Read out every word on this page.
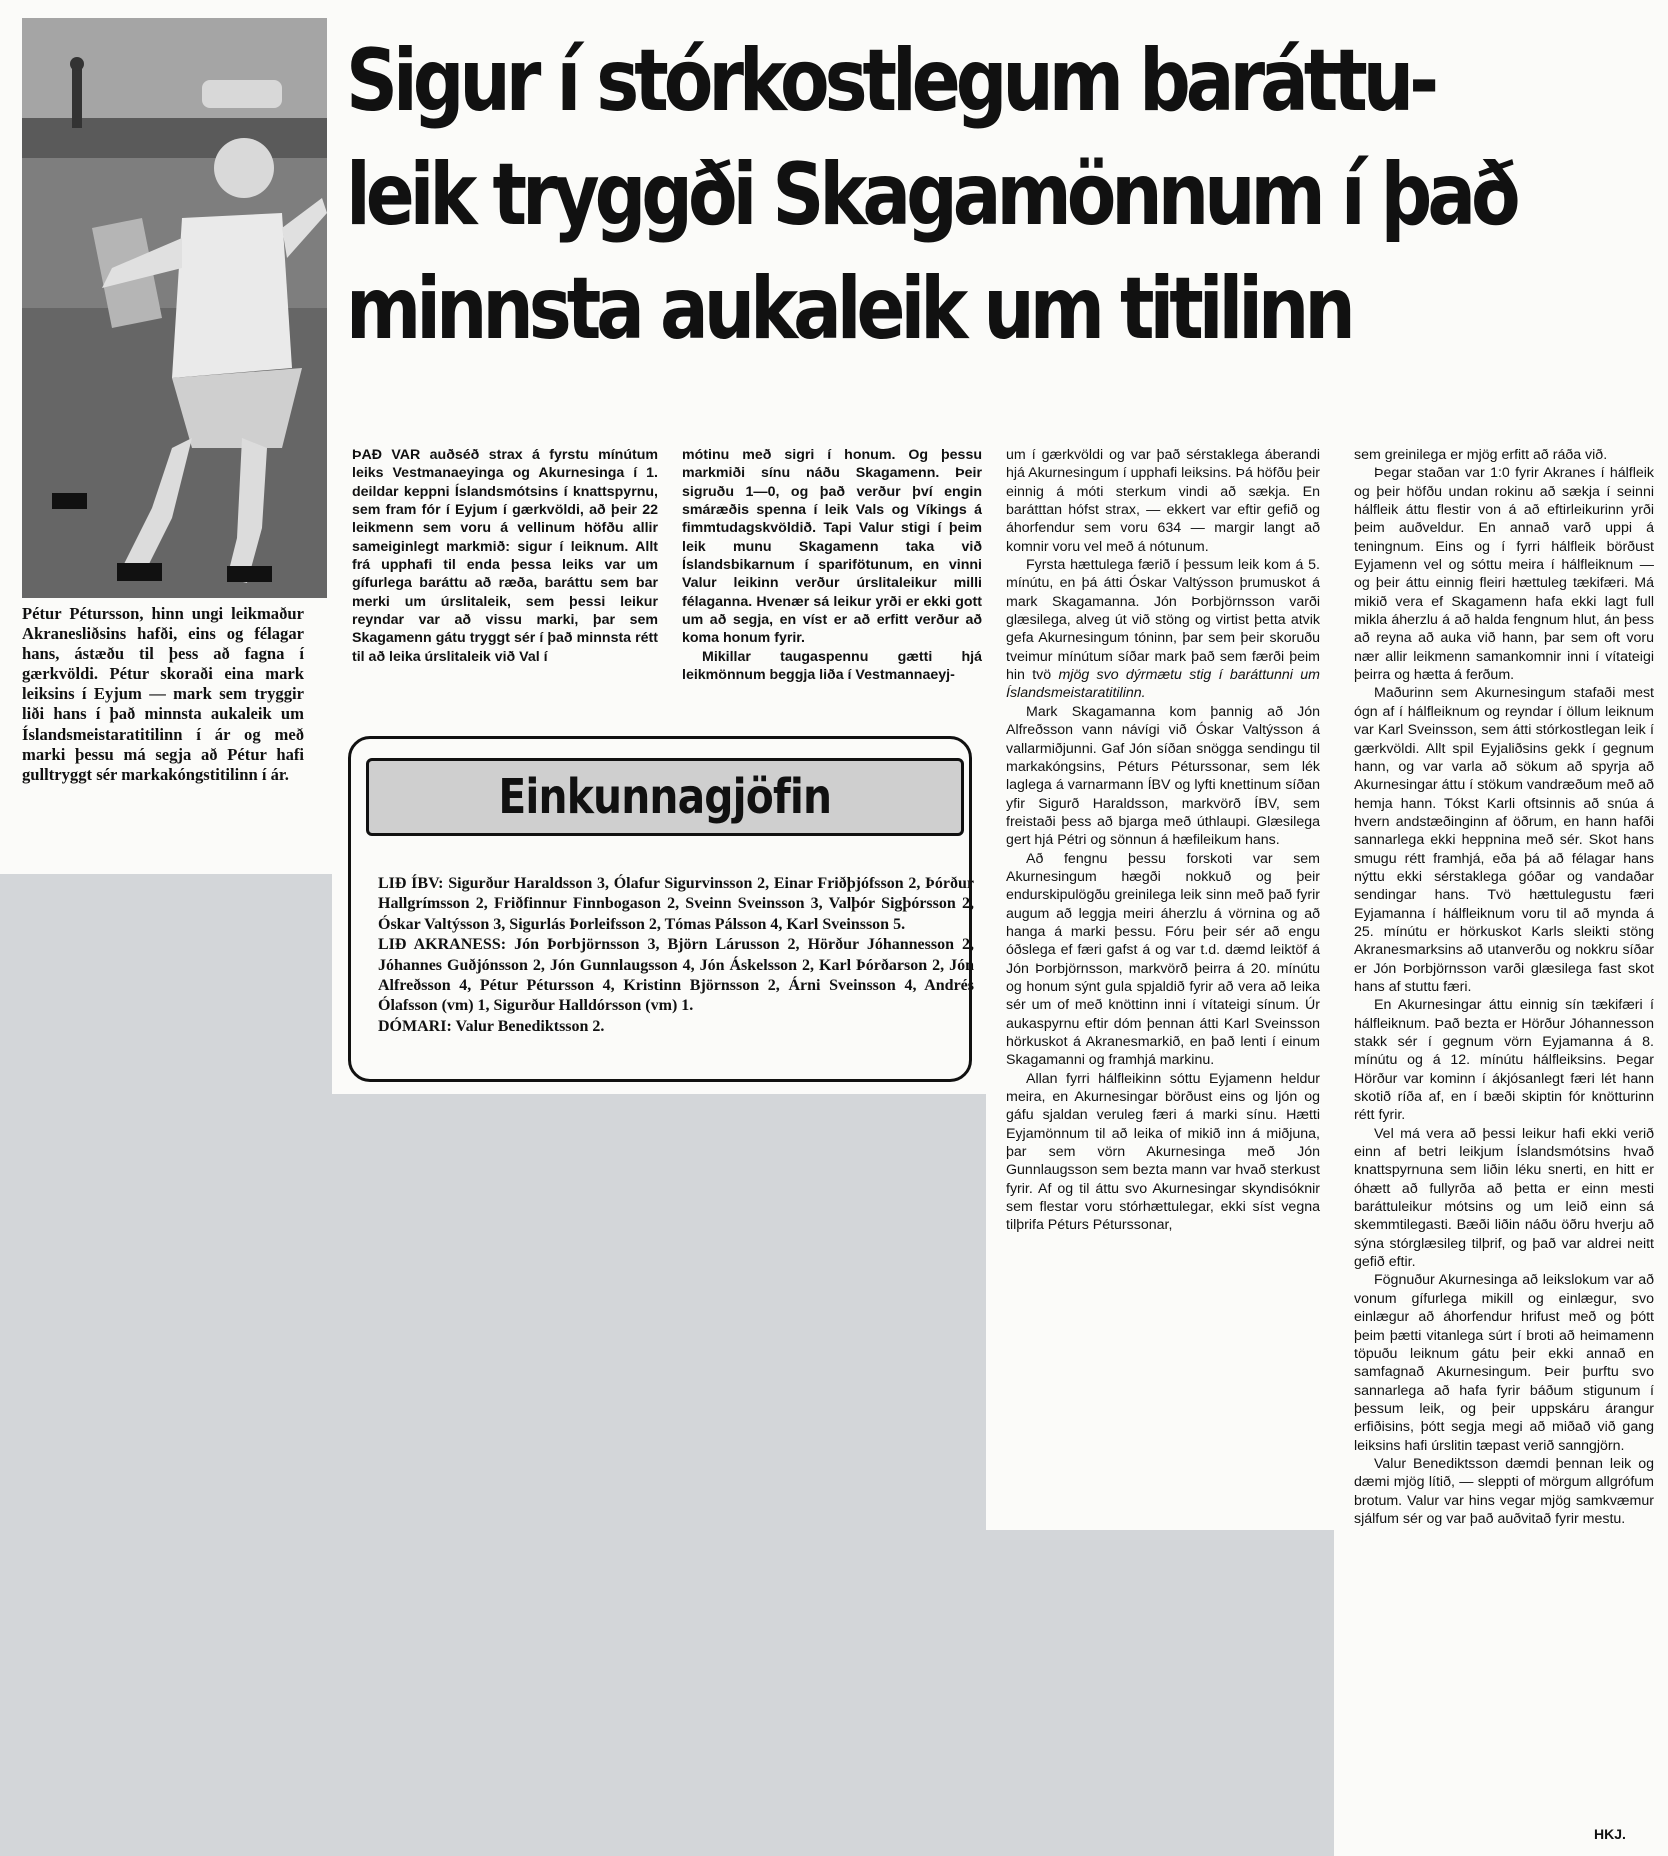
Pétur Pétursson, hinn ungi leikmaður Akranesliðsins hafði, eins og félagar hans, ástæðu til þess að fagna í gærkvöldi. Pétur skoraði eina mark leiksins í Eyjum — mark sem tryggir liði hans í það minnsta aukaleik um Íslandsmeistaratitilinn í ár og með marki þessu má segja að Pétur hafi gulltryggt sér markakóngstitilinn í ár.
Sigur í stórkostlegum baráttu-
leik tryggði Skagamönnum í það
minnsta aukaleik um titilinn

ÞAÐ VAR auðséð strax á fyrstu mínútum leiks Vestmanaeyinga og Akurnesinga í 1. deildar keppni Íslandsmótsins í knattspyrnu, sem fram fór í Eyjum í gærkvöldi, að þeir 22 leikmenn sem voru á vellinum höfðu allir sameiginlegt markmið: sigur í leiknum. Allt frá upphafi til enda þessa leiks var um gífurlega baráttu að ræða, baráttu sem bar merki um úrslitaleik, sem þessi leikur reyndar var að vissu marki, þar sem Skagamenn gátu tryggt sér í það minnsta rétt til að leika úrslitaleik við Val í

mótinu með sigri í honum. Og þessu markmiði sínu náðu Skagamenn. Þeir sigruðu 1—0, og það verður því engin smáræðis spenna í leik Vals og Víkings á fimmtudagskvöldið. Tapi Valur stigi í þeim leik munu Skagamenn taka við Íslandsbikarnum í sparifötunum, en vinni Valur leikinn verður úrslitaleikur milli félaganna. Hvenær sá leikur yrði er ekki gott um að segja, en víst er að erfitt verður að koma honum fyrir.

Mikillar taugaspennu gætti hjá leikmönnum beggja liða í Vestmannaeyj-

Einkunnagjöfin
LIÐ ÍBV: Sigurður Haraldsson 3, Ólafur Sigurvinsson 2, Einar Friðþjófsson 2, Þórður Hallgrímsson 2, Friðfinnur Finnbogason 2, Sveinn Sveinsson 3, Valþór Sigþórsson 2, Óskar Valtýsson 3, Sigurlás Þorleifsson 2, Tómas Pálsson 4, Karl Sveinsson 5.
LIÐ AKRANESS: Jón Þorbjörnsson 3, Björn Lárusson 2, Hörður Jóhannesson 2, Jóhannes Guðjónsson 2, Jón Gunnlaugsson 4, Jón Áskelsson 2, Karl Þórðarson 2, Jón Alfreðsson 4, Pétur Pétursson 4, Kristinn Björnsson 2, Árni Sveinsson 4, Andrés Ólafsson (vm) 1, Sigurður Halldórsson (vm) 1.
DÓMARI: Valur Benediktsson 2.

um í gærkvöldi og var það sérstaklega áberandi hjá Akurnesingum í upphafi leiksins. Þá höfðu þeir einnig á móti sterkum vindi að sækja. En barátttan hófst strax, — ekkert var eftir gefið og áhorfendur sem voru 634 — margir langt að komnir voru vel með á nótunum.

Fyrsta hættulega færið í þessum leik kom á 5. mínútu, en þá átti Óskar Valtýsson þrumuskot á mark Skagamanna. Jón Þorbjörnsson varði glæsilega, alveg út við stöng og virtist þetta atvik gefa Akurnesingum tóninn, þar sem þeir skoruðu tveimur mínútum síðar mark það sem færði þeim hin tvö mjög svo dýrmætu stig í baráttunni um Íslandsmeistaratitilinn.

Mark Skagamanna kom þannig að Jón Alfreðsson vann návígi við Óskar Valtýsson á vallarmiðjunni. Gaf Jón síðan snögga sendingu til markakóngsins, Péturs Péturssonar, sem lék laglega á varnarmann ÍBV og lyfti knettinum síðan yfir Sigurð Haraldsson, markvörð ÍBV, sem freistaði þess að bjarga með úthlaupi. Glæsilega gert hjá Pétri og sönnun á hæfileikum hans.

Að fengnu þessu forskoti var sem Akurnesingum hægði nokkuð og þeir endurskipulögðu greinilega leik sinn með það fyrir augum að leggja meiri áherzlu á vörnina og að hanga á marki þessu. Fóru þeir sér að engu óðslega ef færi gafst á og var t.d. dæmd leiktöf á Jón Þorbjörnsson, markvörð þeirra á 20. mínútu og honum sýnt gula spjaldið fyrir að vera að leika sér um of með knöttinn inni í vítateigi sínum. Úr aukaspyrnu eftir dóm þennan átti Karl Sveinsson hörkuskot á Akranesmarkið, en það lenti í einum Skagamanni og framhjá markinu.

Allan fyrri hálfleikinn sóttu Eyjamenn heldur meira, en Akurnesingar börðust eins og ljón og gáfu sjaldan veruleg færi á marki sínu. Hætti Eyjamönnum til að leika of mikið inn á miðjuna, þar sem vörn Akurnesinga með Jón Gunnlaugsson sem bezta mann var hvað sterkust fyrir. Af og til áttu svo Akurnesingar skyndisóknir sem flestar voru stórhættulegar, ekki síst vegna tilþrifa Péturs Péturssonar,

sem greinilega er mjög erfitt að ráða við.

Þegar staðan var 1:0 fyrir Akranes í hálfleik og þeir höfðu undan rokinu að sækja í seinni hálfleik áttu flestir von á að eftirleikurinn yrði þeim auðveldur. En annað varð uppi á teningnum. Eins og í fyrri hálfleik börðust Eyjamenn vel og sóttu meira í hálfleiknum — og þeir áttu einnig fleiri hættuleg tækifæri. Má mikið vera ef Skagamenn hafa ekki lagt full mikla áherzlu á að halda fengnum hlut, án þess að reyna að auka við hann, þar sem oft voru nær allir leikmenn samankomnir inni í vítateigi þeirra og hætta á ferðum.

Maðurinn sem Akurnesingum stafaði mest ógn af í hálfleiknum og reyndar í öllum leiknum var Karl Sveinsson, sem átti stórkostlegan leik í gærkvöldi. Allt spil Eyjaliðsins gekk í gegnum hann, og var varla að sökum að spyrja að Akurnesingar áttu í stökum vandræðum með að hemja hann. Tókst Karli oftsinnis að snúa á hvern andstæðinginn af öðrum, en hann hafði sannarlega ekki heppnina með sér. Skot hans smugu rétt framhjá, eða þá að félagar hans nýttu ekki sérstaklega góðar og vandaðar sendingar hans. Tvö hættulegustu færi Eyjamanna í hálfleiknum voru til að mynda á 25. mínútu er hörkuskot Karls sleikti stöng Akranesmarksins að utanverðu og nokkru síðar er Jón Þorbjörnsson varði glæsilega fast skot hans af stuttu færi.

En Akurnesingar áttu einnig sín tækifæri í hálfleiknum. Það bezta er Hörður Jóhannesson stakk sér í gegnum vörn Eyjamanna á 8. mínútu og á 12. mínútu hálfleiksins. Þegar Hörður var kominn í ákjósanlegt færi lét hann skotið ríða af, en í bæði skiptin fór knötturinn rétt fyrir.

Vel má vera að þessi leikur hafi ekki verið einn af betri leikjum Íslandsmótsins hvað knattspyrnuna sem liðin léku snerti, en hitt er óhætt að fullyrða að þetta er einn mesti baráttuleikur mótsins og um leið einn sá skemmtilegasti. Bæði liðin náðu öðru hverju að sýna stórglæsileg tilþrif, og það var aldrei neitt gefið eftir.

Fögnuður Akurnesinga að leikslokum var að vonum gífurlega mikill og einlægur, svo einlægur að áhorfendur hrifust með og þótt þeim þætti vitanlega súrt í broti að heimamenn töpuðu leiknum gátu þeir ekki annað en samfagnað Akurnesingum. Þeir þurftu svo sannarlega að hafa fyrir báðum stigunum í þessum leik, og þeir uppskáru árangur erfiðisins, þótt segja megi að miðað við gang leiksins hafi úrslitin tæpast verið sanngjörn.

Valur Benediktsson dæmdi þennan leik og dæmi mjög lítið, — sleppti of mörgum allgrófum brotum. Valur var hins vegar mjög samkvæmur sjálfum sér og var það auðvitað fyrir mestu.

HKJ.
